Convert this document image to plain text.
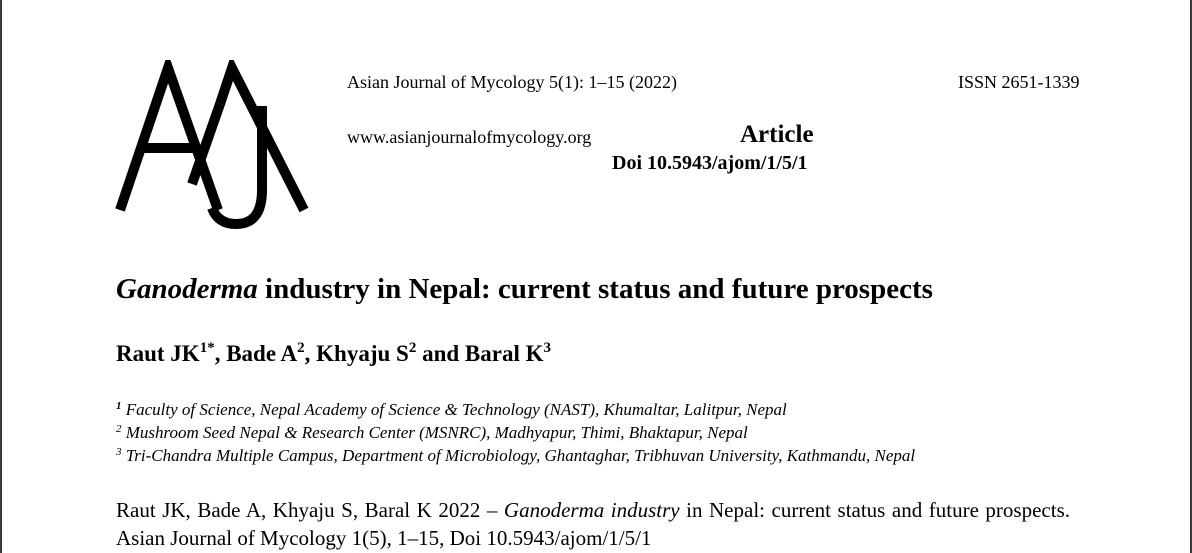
Asian Journal of Mycology 5(1): 1–15 (2022)	ISSN 2651-1339
www.asianjournalofmycology.org	Article
Doi 10.5943/ajom/1/5/1
Ganoderma industry in Nepal: current status and future prospects
Raut $JK^{1*}$, Bade $A^2$, Khyaju $S^2$ and Baral $K^3$
$^1$ Faculty of Science, Nepal Academy of Science & Technology (NAST), Khumaltar, Lalitpur, Nepal
$^2$ Mushroom Seed Nepal & Research Center (MSNRC), Madhyapur, Thimi, Bhaktapur, Nepal
$^3$ Tri-Chandra Multiple Campus, Department of Microbiology, Ghantaghar, Tribhuvan University, Kathmandu, Nepal
Raut JK, Bade A, Khyaju S, Baral K 2022 – Ganoderma industry in Nepal: current status and future prospects. Asian Journal of Mycology 1(5), 1–15, Doi 10.5943/ajom/1/5/1
